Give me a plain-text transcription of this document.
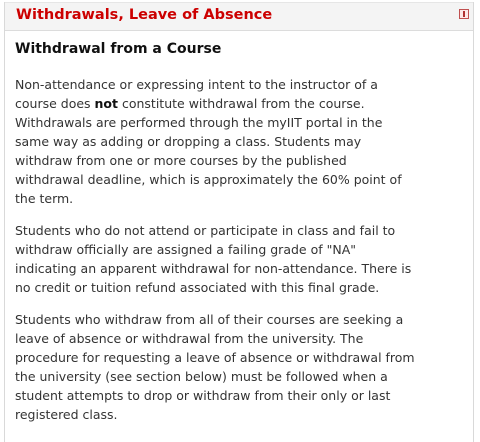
Withdrawals, Leave of Absence
Withdrawal from a Course
Non-attendance or expressing intent to the instructor of a
course does not constitute withdrawal from the course.
Withdrawals are performed through the myIIT portal in the
same way as adding or dropping a class. Students may
withdraw from one or more courses by the published
withdrawal deadline, which is approximately the 60% point of
the term.
Students who do not attend or participate in class and fail to
withdraw officially are assigned a failing grade of "NA"
indicating an apparent withdrawal for non-attendance. There is
no credit or tuition refund associated with this final grade.
Students who withdraw from all of their courses are seeking a
leave of absence or withdrawal from the university. The
procedure for requesting a leave of absence or withdrawal from
the university (see section below) must be followed when a
student attempts to drop or withdraw from their only or last
registered class.
